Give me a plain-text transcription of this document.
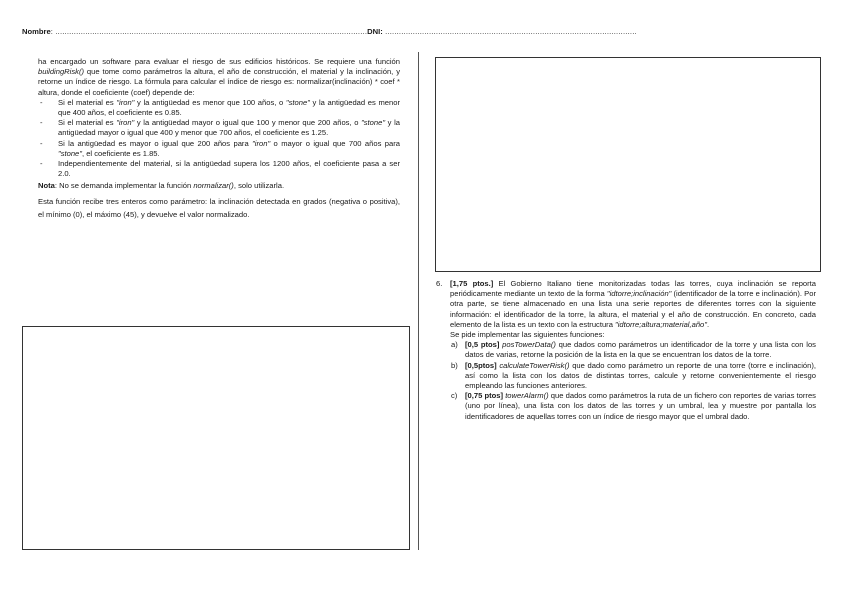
Nombre: .......................................................................................................................................DNI: .............................................................................................................

ha encargado un software para evaluar el riesgo de sus edificios históricos. Se requiere una función buildingRisk() que tome como parámetros la altura, el año de construcción, el material y la inclinación, y retorne un índice de riesgo. La fórmula para calcular el índice de riesgo es: normalizar(inclinación) * coef * altura, donde el coeficiente (coef) depende de:

- Si el material es "iron" y la antigüedad es menor que 100 años, o "stone" y la antigüedad es menor que 400 años, el coeficiente es 0.85.
- Si el material es "iron" y la antigüedad mayor o igual que 100 y menor que 200 años, o "stone" y la antigüedad mayor o igual que 400 y menor que 700 años, el coeficiente es 1.25.
- Si la antigüedad es mayor o igual que 200 años para "iron" o mayor o igual que 700 años para "stone", el coeficiente es 1.85.
- Independientemente del material, si la antigüedad supera los 1200 años, el coeficiente pasa a ser 2.0.

Nota: No se demanda implementar la función normalizar(), solo utilizarla.

Esta función recibe tres enteros como parámetro: la inclinación detectada en grados (negativa o positiva), el mínimo (0), el máximo (45), y devuelve el valor normalizado.

6. [1,75 ptos.] El Gobierno Italiano tiene monitorizadas todas las torres, cuya inclinación se reporta periódicamente mediante un texto de la forma "idtorre;inclinación" (identificador de la torre e inclinación). Por otra parte, se tiene almacenado en una lista una serie reportes de diferentes torres con la siguiente información: el identificador de la torre, la altura, el material y el año de construcción. En concreto, cada elemento de la lista es un texto con la estructura "idtorre;altura;material,año".

Se pide implementar las siguientes funciones:

a) [0,5 ptos] posTowerData() que dados como parámetros un identificador de la torre y una lista con los datos de varias, retorne la posición de la lista en la que se encuentran los datos de la torre.

b) [0,5ptos] calculateTowerRisk() que dado como parámetro un reporte de una torre (torre e inclinación), así como la lista con los datos de distintas torres, calcule y retorne convenientemente el riesgo empleando las funciones anteriores.

c) [0,75 ptos] towerAlarm() que dados como parámetros la ruta de un fichero con reportes de varias torres (uno por línea), una lista con los datos de las torres y un umbral, lea y muestre por pantalla los identificadores de aquellas torres con un índice de riesgo mayor que el umbral dado.
